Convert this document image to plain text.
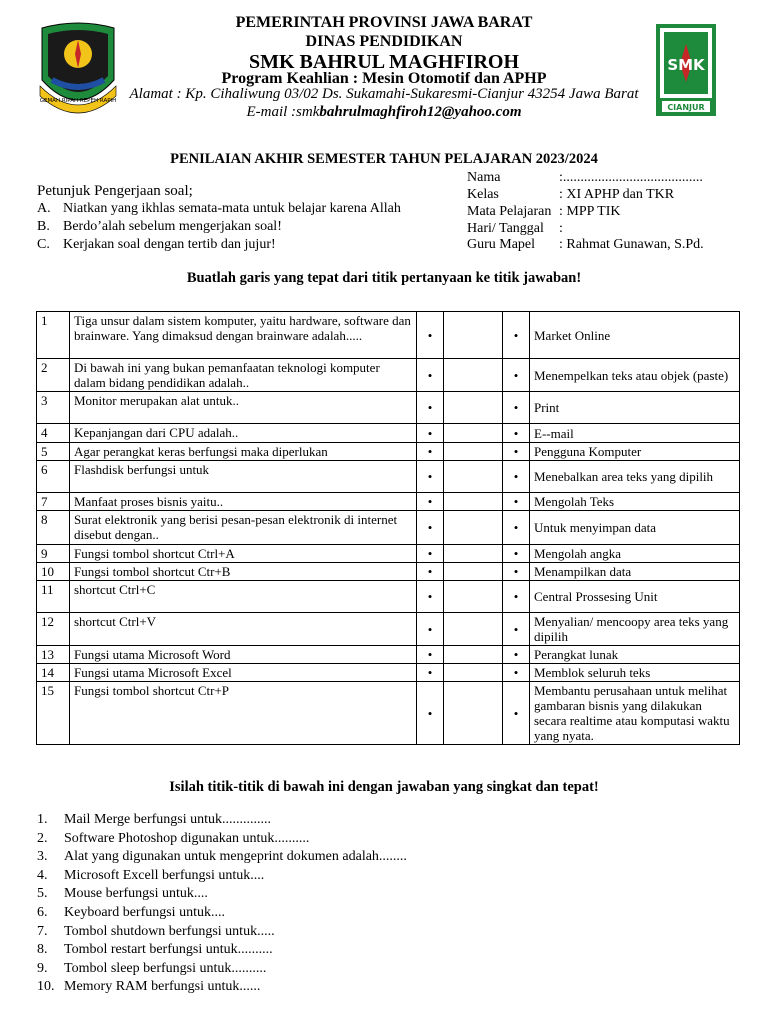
GEMAH RIPAH REPEH RAPIH
SMK
CIANJUR
PEMERINTAH PROVINSI JAWA BARAT
DINAS PENDIDIKAN
SMK BAHRUL MAGHFIROH
Program Keahlian : Mesin Otomotif dan APHP
Alamat : Kp. Cihaliwung 03/02 Ds. Sukamahi-Sukaresmi-Cianjur 43254 Jawa Barat
E-mail :smkbahrulmaghfiroh12@yahoo.com
PENILAIAN AKHIR SEMESTER TAHUN PELAJARAN 2023/2024
Petunjuk Pengerjaan soal;
A. Niatkan yang ikhlas semata-mata untuk belajar karena Allah
B. Berdo’alah sebelum mengerjakan soal!
C. Kerjakan soal dengan tertib dan jujur!
Nama	:........................................
Kelas	: XI APHP dan TKR
Mata Pelajaran : MPP TIK
Hari/ Tanggal :
Guru Mapel : Rahmat Gunawan, S.Pd.
Buatlah garis yang tepat dari titik pertanyaan ke titik jawaban!
1	Tiga unsur dalam sistem komputer, yaitu hardware, software dan brainware. Yang dimaksud dengan brainware adalah.....	•		•	Market Online
2	Di bawah ini yang bukan pemanfaatan teknologi komputer dalam bidang pendidikan adalah..	•		•	Menempelkan teks atau objek (paste)
3	Monitor merupakan alat untuk..	•		•	Print
4	Kepanjangan dari CPU adalah..	•		•	E--mail
5	Agar perangkat keras berfungsi maka diperlukan	•		•	Pengguna Komputer
6	Flashdisk berfungsi untuk	•		•	Menebalkan area teks yang dipilih
7	Manfaat proses bisnis yaitu..	•		•	Mengolah Teks
8	Surat elektronik yang berisi pesan-pesan elektronik di internet disebut dengan..	•		•	Untuk menyimpan data
9	Fungsi tombol shortcut Ctrl+A	•		•	Mengolah angka
10	Fungsi tombol shortcut Ctr+B	•		•	Menampilkan data
11	shortcut Ctrl+C	•		•	Central Prossesing Unit
12	shortcut Ctrl+V	•		•	Menyalian/ mencoopy area teks yang dipilih
13	Fungsi utama Microsoft Word	•		•	Perangkat lunak
14	Fungsi utama Microsoft Excel	•		•	Memblok seluruh teks
15	Fungsi tombol shortcut Ctr+P	•		•	Membantu perusahaan untuk melihat gambaran bisnis yang dilakukan secara realtime atau komputasi waktu yang nyata.
Isilah titik-titik di bawah ini dengan jawaban yang singkat dan tepat!
1. Mail Merge berfungsi untuk..............
2. Software Photoshop digunakan untuk..........
3. Alat yang digunakan untuk mengeprint dokumen adalah........
4. Microsoft Excell berfungsi untuk....
5. Mouse berfungsi untuk....
6. Keyboard berfungsi untuk....
7. Tombol shutdown berfungsi untuk.....
8. Tombol restart berfungsi untuk..........
9. Tombol sleep berfungsi untuk..........
10. Memory RAM berfungsi untuk......
